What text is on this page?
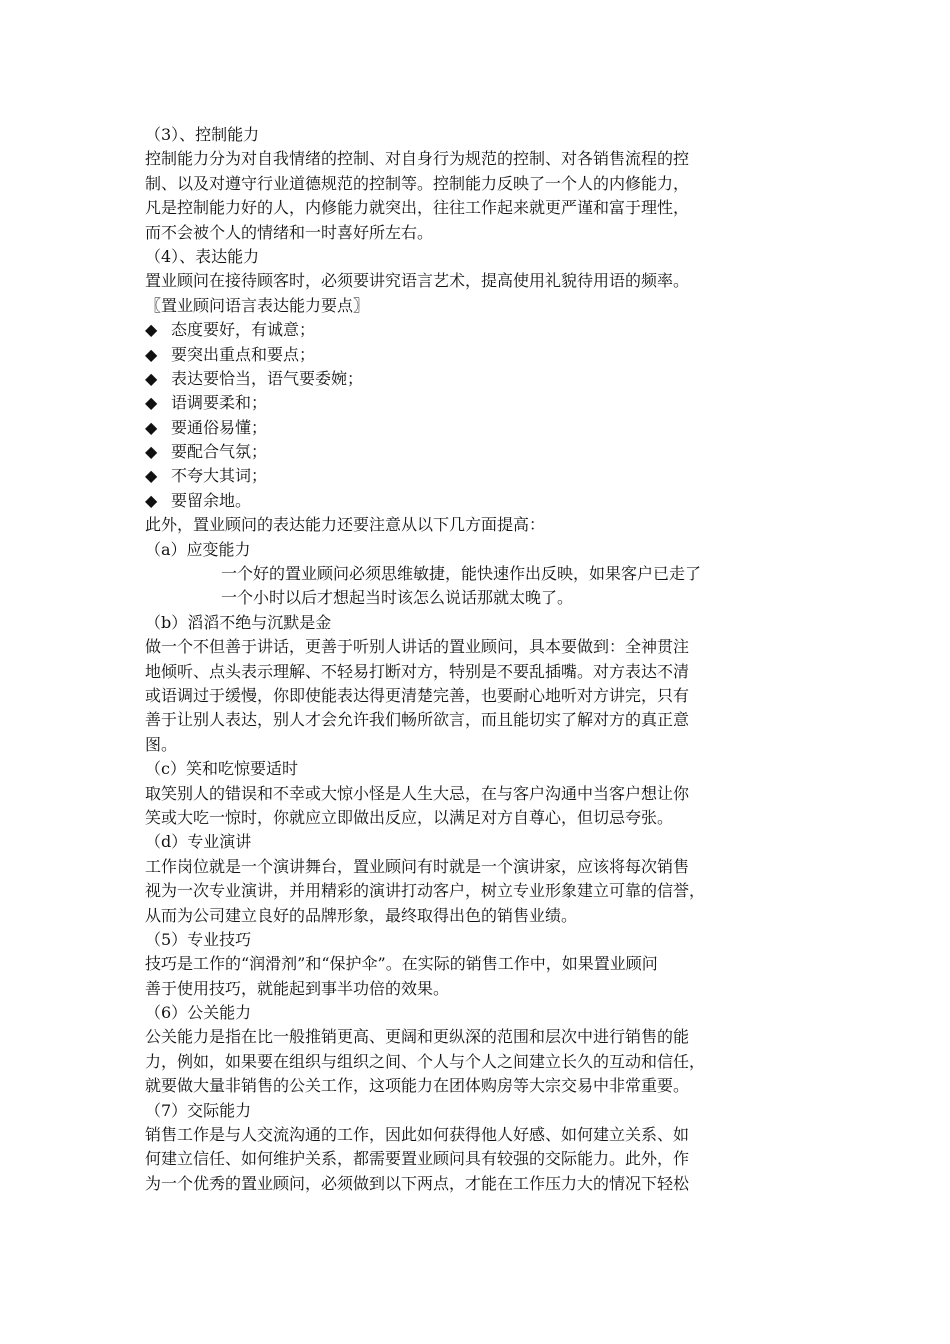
（3）、控制能力
控制能力分为对自我情绪的控制、对自身行为规范的控制、对各销售流程的控
制、以及对遵守行业道德规范的控制等。控制能力反映了一个人的内修能力，
凡是控制能力好的人，内修能力就突出，往往工作起来就更严谨和富于理性，
而不会被个人的情绪和一时喜好所左右。
（4）、表达能力
置业顾问在接待顾客时，必须要讲究语言艺术，提高使用礼貌待用语的频率。
〖置业顾问语言表达能力要点〗
◆ 态度要好，有诚意；
◆ 要突出重点和要点；
◆ 表达要恰当，语气要委婉；
◆ 语调要柔和；
◆ 要通俗易懂；
◆ 要配合气氛；
◆ 不夸大其词；
◆ 要留余地。
此外，置业顾问的表达能力还要注意从以下几方面提高：
（a）应变能力
一个好的置业顾问必须思维敏捷，能快速作出反映，如果客户已走了
一个小时以后才想起当时该怎么说话那就太晚了。
（b）滔滔不绝与沉默是金
做一个不但善于讲话，更善于听别人讲话的置业顾问，具本要做到：全神贯注
地倾听、点头表示理解、不轻易打断对方，特别是不要乱插嘴。对方表达不清
或语调过于缓慢，你即使能表达得更清楚完善，也要耐心地听对方讲完，只有
善于让别人表达，别人才会允许我们畅所欲言，而且能切实了解对方的真正意
图。
（c）笑和吃惊要适时
取笑别人的错误和不幸或大惊小怪是人生大忌，在与客户沟通中当客户想让你
笑或大吃一惊时，你就应立即做出反应，以满足对方自尊心，但切忌夸张。
（d）专业演讲
工作岗位就是一个演讲舞台，置业顾问有时就是一个演讲家，应该将每次销售
视为一次专业演讲，并用精彩的演讲打动客户，树立专业形象建立可靠的信誉，
从而为公司建立良好的品牌形象，最终取得出色的销售业绩。
（5）专业技巧
技巧是工作的“润滑剂”和“保护伞”。在实际的销售工作中，如果置业顾问
善于使用技巧，就能起到事半功倍的效果。
（6）公关能力
公关能力是指在比一般推销更高、更阔和更纵深的范围和层次中进行销售的能
力，例如，如果要在组织与组织之间、个人与个人之间建立长久的互动和信任，
就要做大量非销售的公关工作，这项能力在团体购房等大宗交易中非常重要。
（7）交际能力
销售工作是与人交流沟通的工作，因此如何获得他人好感、如何建立关系、如
何建立信任、如何维护关系，都需要置业顾问具有较强的交际能力。此外，作
为一个优秀的置业顾问，必须做到以下两点，才能在工作压力大的情况下轻松
